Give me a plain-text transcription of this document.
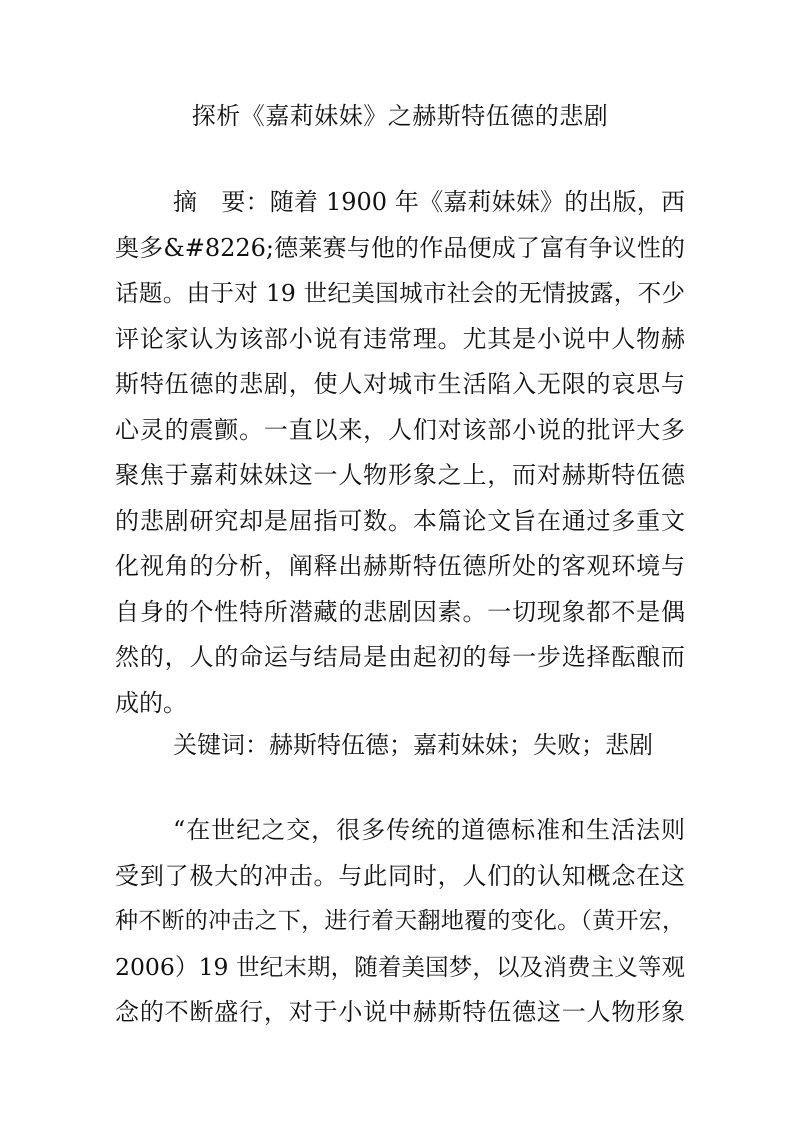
探析《嘉莉妹妹》之赫斯特伍德的悲剧
摘　要：随着 1900 年《嘉莉妹妹》的出版，西
奥多&#8226;德莱赛与他的作品便成了富有争议性的
话题。由于对 19 世纪美国城市社会的无情披露，不少
评论家认为该部小说有违常理。尤其是小说中人物赫
斯特伍德的悲剧，使人对城市生活陷入无限的哀思与
心灵的震颤。一直以来，人们对该部小说的批评大多
聚焦于嘉莉妹妹这一人物形象之上，而对赫斯特伍德
的悲剧研究却是屈指可数。本篇论文旨在通过多重文
化视角的分析，阐释出赫斯特伍德所处的客观环境与
自身的个性特所潜藏的悲剧因素。一切现象都不是偶
然的，人的命运与结局是由起初的每一步选择酝酿而
成的。
关键词：赫斯特伍德；嘉莉妹妹；失败；悲剧
“在世纪之交，很多传统的道德标准和生活法则
受到了极大的冲击。与此同时，人们的认知概念在这
种不断的冲击之下，进行着天翻地覆的变化。（黄开宏，
2006）19 世纪末期，随着美国梦，以及消费主义等观
念的不断盛行，对于小说中赫斯特伍德这一人物形象
